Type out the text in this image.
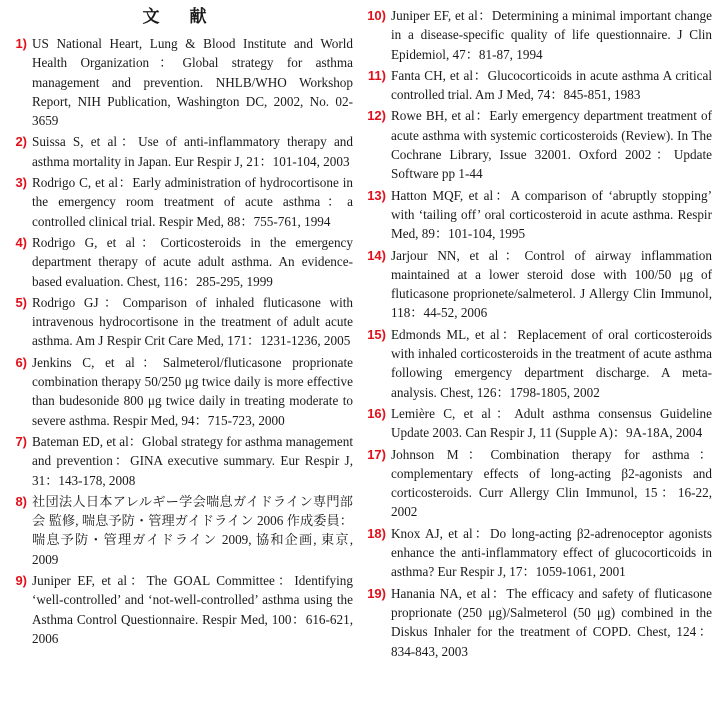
文 献
1) US National Heart, Lung & Blood Institute and World Health Organization：Global strategy for asthma management and prevention. NHLB/WHO Workshop Report, NIH Publication, Washington DC, 2002, No. 02-3659
2) Suissa S, et al：Use of anti-inflammatory therapy and asthma mortality in Japan. Eur Respir J, 21：101-104, 2003
3) Rodrigo C, et al：Early administration of hydrocortisone in the emergency room treatment of acute asthma：a controlled clinical trial. Respir Med, 88：755-761, 1994
4) Rodrigo G, et al：Corticosteroids in the emergency department therapy of acute adult asthma. An evidence-based evaluation. Chest, 116：285-295, 1999
5) Rodrigo GJ：Comparison of inhaled fluticasone with intravenous hydrocortisone in the treatment of adult acute asthma. Am J Respir Crit Care Med, 171：1231-1236, 2005
6) Jenkins C, et al：Salmeterol/fluticasone proprionate combination therapy 50/250 μg twice daily is more effective than budesonide 800 μg twice daily in treating moderate to severe asthma. Respir Med, 94：715-723, 2000
7) Bateman ED, et al：Global strategy for asthma management and prevention：GINA executive summary. Eur Respir J, 31：143-178, 2008
8) 社団法人日本アレルギー学会喘息ガイドライン専門部会 監修, 喘息予防・管理ガイドライン 2006 作成委員：喘息予防・管理ガイドライン 2009, 協和企画, 東京, 2009
9) Juniper EF, et al：The GOAL Committee：Identifying ‘well-controlled’ and ‘not-well-controlled’ asthma using the Asthma Control Questionnaire. Respir Med, 100：616-621, 2006
10) Juniper EF, et al：Determining a minimal important change in a disease-specific quality of life questionnaire. J Clin Epidemiol, 47：81-87, 1994
11) Fanta CH, et al：Glucocorticoids in acute asthma A critical controlled trial. Am J Med, 74：845-851, 1983
12) Rowe BH, et al：Early emergency department treatment of acute asthma with systemic corticosteroids (Review). In The Cochrane Library, Issue 32001. Oxford 2002：Update Software pp 1-44
13) Hatton MQF, et al：A comparison of ‘abruptly stopping’ with ‘tailing off’ oral corticosteroid in acute asthma. Respir Med, 89：101-104, 1995
14) Jarjour NN, et al：Control of airway inflammation maintained at a lower steroid dose with 100/50 μg of fluticasone proprionete/salmeterol. J Allergy Clin Immunol, 118：44-52, 2006
15) Edmonds ML, et al：Replacement of oral corticosteroids with inhaled corticosteroids in the treatment of acute asthma following emergency department discharge. A meta-analysis. Chest, 126：1798-1805, 2002
16) Lemière C, et al：Adult asthma consensus Guideline Update 2003. Can Respir J, 11 (Supple A)：9A-18A, 2004
17) Johnson M：Combination therapy for asthma：complementary effects of long-acting β2-agonists and corticosteroids. Curr Allergy Clin Immunol, 15：16-22, 2002
18) Knox AJ, et al：Do long-acting β2-adrenoceptor agonists enhance the anti-inflammatory effect of glucocorticoids in asthma? Eur Respir J, 17：1059-1061, 2001
19) Hanania NA, et al：The efficacy and safety of fluticasone proprionate (250 μg)/Salmeterol (50 μg) combined in the Diskus Inhaler for the treatment of COPD. Chest, 124：834-843, 2003
